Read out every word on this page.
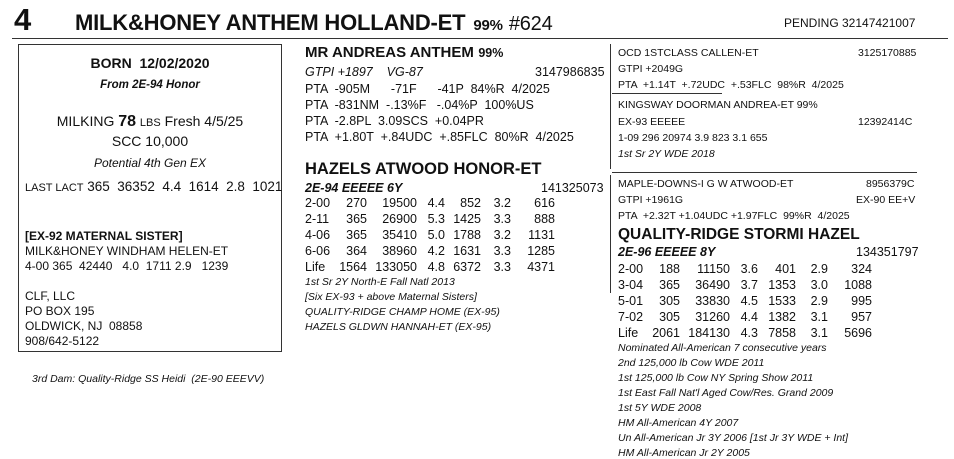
4 MILK&HONEY ANTHEM HOLLAND-ET 99% #624	PENDING 32147421007
BORN 12/02/2020
From 2E-94 Honor
MILKING 78 LBS Fresh 4/5/25
SCC 10,000
Potential 4th Gen EX
LAST LACT 365  36352  4.4  1614  2.8  1021
[EX-92 MATERNAL SISTER]
MILK&HONEY WINDHAM HELEN-ET
4-00 365  42440   4.0  1711 2.9   1239
CLF, LLC
PO BOX 195
OLDWICK, NJ  08858
908/642-5122
3rd Dam: Quality-Ridge SS Heidi  (2E-90 EEEVV)
MR ANDREAS ANTHEM 99%
GTPI +1897    VG-87	3147986835
PTA  -905M      -71F      -41P  84%R  4/2025
PTA  -831NM  -.13%F   -.04%P  100%US
PTA  -2.8PL  3.09SCS  +0.04PR
PTA  +1.80T  +.84UDC  +.85FLC  80%R  4/2025
HAZELS ATWOOD HONOR-ET
2E-94 EEEEE 6Y	141325073
2-00	270	19500 4.4	852	3.2	616
2-11	365	26900 5.3 1425	3.3	888
4-06	365	35410 5.0 1788	3.2	1131
6-06	364	38960 4.2 1631	3.3	1285
Life	1564 133050 4.8 6372	3.3	4371
1st Sr 2Y North-E Fall Natl 2013
[Six EX-93 + above Maternal Sisters]
QUALITY-RIDGE CHAMP HOME (EX-95)
HAZELS GLDWN HANNAH-ET (EX-95)
OCD 1STCLASS CALLEN-ET	3125170885
GTPI +2049G
PTA  +1.14T  +.72UDC  +.53FLC  98%R  4/2025
KINGSWAY DOORMAN ANDREA-ET 99%
EX-93 EEEEE	12392414C
1-09 296 20974 3.9 823 3.1 655
1st Sr 2Y WDE 2018
MAPLE-DOWNS-I G W ATWOOD-ET	8956379C
GTPI +1961G	EX-90 EE+V
PTA  +2.32T +1.04UDC +1.97FLC  99%R  4/2025
QUALITY-RIDGE STORMI HAZEL
2E-96 EEEEE 8Y	134351797
2-00	188	11150 3.6	401	2.9	324
3-04	365	36490 3.7 1353	3.0	1088
5-01	305	33830 4.5 1533	2.9	995
7-02	305	31260 4.4 1382	3.1	957
Life	2061 184130 4.3 7858	3.1	5696
Nominated All-American 7 consecutive years
2nd 125,000 lb Cow WDE 2011
1st 125,000 lb Cow NY Spring Show 2011
1st East Fall Nat'l Aged Cow/Res. Grand 2009
1st 5Y WDE 2008
HM All-American 4Y 2007
Un All-American Jr 3Y 2006 [1st Jr 3Y WDE + Int]
HM All-American Jr 2Y 2005
